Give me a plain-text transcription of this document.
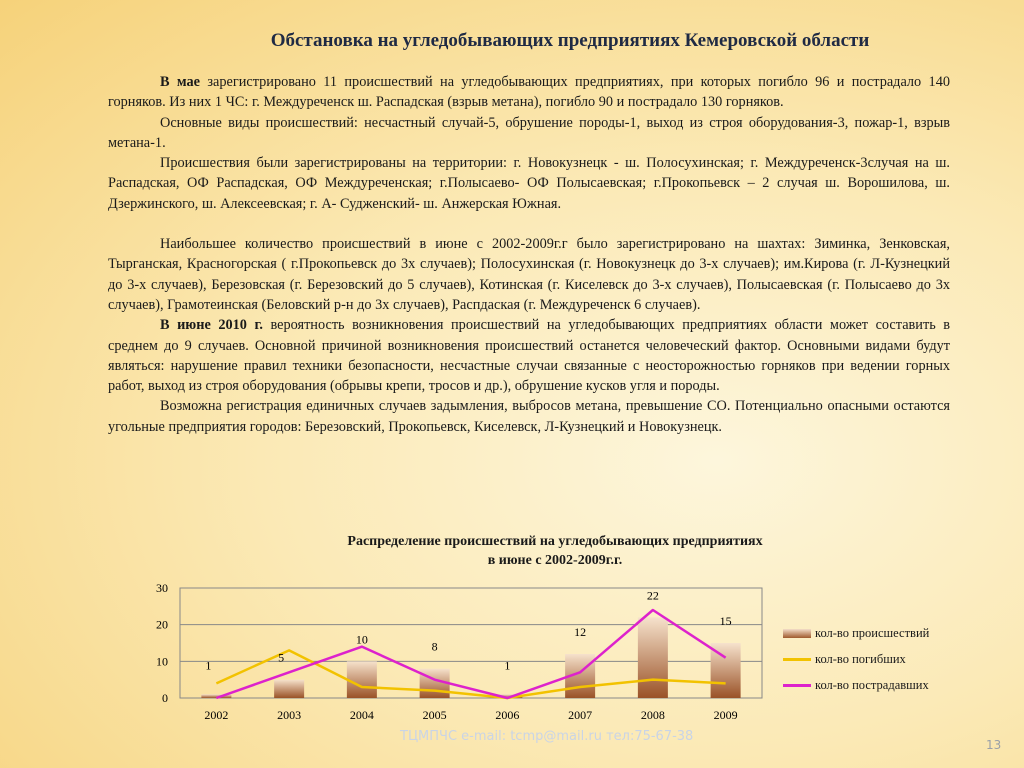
Обстановка на угледобывающих предприятиях Кемеровской области

В мае зарегистрировано 11 происшествий на угледобывающих предприятиях, при которых погибло 96 и пострадало 140 горняков. Из них 1 ЧС: г. Междуреченск ш. Распадская (взрыв метана), погибло 90 и пострадало 130 горняков.

Основные виды происшествий: несчастный случай-5, обрушение породы-1, выход из строя оборудования-3, пожар-1, взрыв метана-1.

Происшествия были зарегистрированы на территории: г. Новокузнецк - ш. Полосухинская; г. Междуреченск-3случая на ш. Распадская, ОФ Распадская, ОФ Междуреченская; г.Полысаево- ОФ Полысаевская; г.Прокопьевск – 2 случая ш. Ворошилова, ш. Дзержинского, ш. Алексеевская; г. А- Судженский- ш. Анжерская Южная.

Наибольшее количество происшествий в июне с 2002-2009г.г было зарегистрировано на шахтах: Зиминка, Зенковская, Тырганская, Красногорская ( г.Прокопьевск до 3х случаев); Полосухинская (г. Новокузнецк до 3-х случаев); им.Кирова (г. Л-Кузнецкий до 3-х случаев), Березовская (г. Березовский до 5 случаев), Котинская (г. Киселевск до 3-х случаев), Полысаевская (г. Полысаево до 3х случаев), Грамотеинская (Беловский р-н до 3х случаев), Распдаская (г. Междуреченск 6 случаев).

В июне 2010 г. вероятность возникновения происшествий на угледобывающих предприятиях области может составить в среднем до 9 случаев. Основной причиной возникновения происшествий останется человеческий фактор. Основными видами будут являться: нарушение правил техники безопасности, несчастные случаи связанные с неосторожностью горняков при ведении горных работ, выход из строя оборудования (обрывы крепи, тросов и др.), обрушение кусков угля и породы.

Возможна регистрация единичных случаев задымления, выбросов метана, превышение СО. Потенциально опасными остаются угольные предприятия городов: Березовский, Прокопьевск, Киселевск, Л-Кузнецкий и Новокузнецк.

Распределение происшествий на угледобывающих предприятиях
в июне с 2002-2009г.г.
1
5
10
8
1
12
22
15
0
10
20
30
2002	2003	2004	2005	2006	2007	2008	2009
кол-во происшествий
кол-во погибших
кол-во пострадавших
ТЦМПЧС e-mail: tcmp@mail.ru тел:75-67-38
13
